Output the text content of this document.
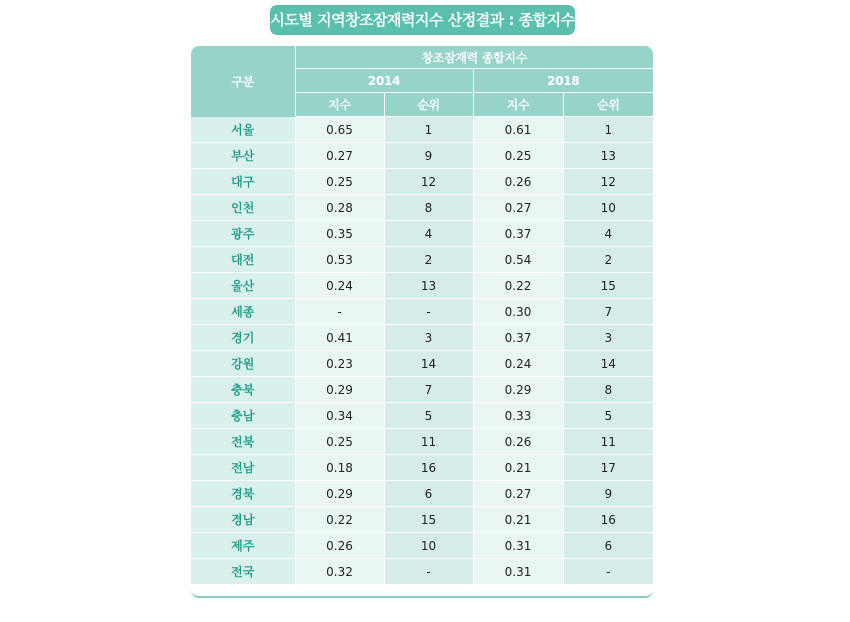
시도별 지역창조잠재력지수 산정결과 : 종합지수
구분	창조잠재력 종합지수			
	2014		2018	
	지수	순위	지수	순위
서울	0.65	1	0.61	1
부산	0.27	9	0.25	13
대구	0.25	12	0.26	12
인천	0.28	8	0.27	10
광주	0.35	4	0.37	4
대전	0.53	2	0.54	2
울산	0.24	13	0.22	15
세종	-	-	0.30	7
경기	0.41	3	0.37	3
강원	0.23	14	0.24	14
충북	0.29	7	0.29	8
충남	0.34	5	0.33	5
전북	0.25	11	0.26	11
전남	0.18	16	0.21	17
경북	0.29	6	0.27	9
경남	0.22	15	0.21	16
제주	0.26	10	0.31	6
전국	0.32	-	0.31	-
